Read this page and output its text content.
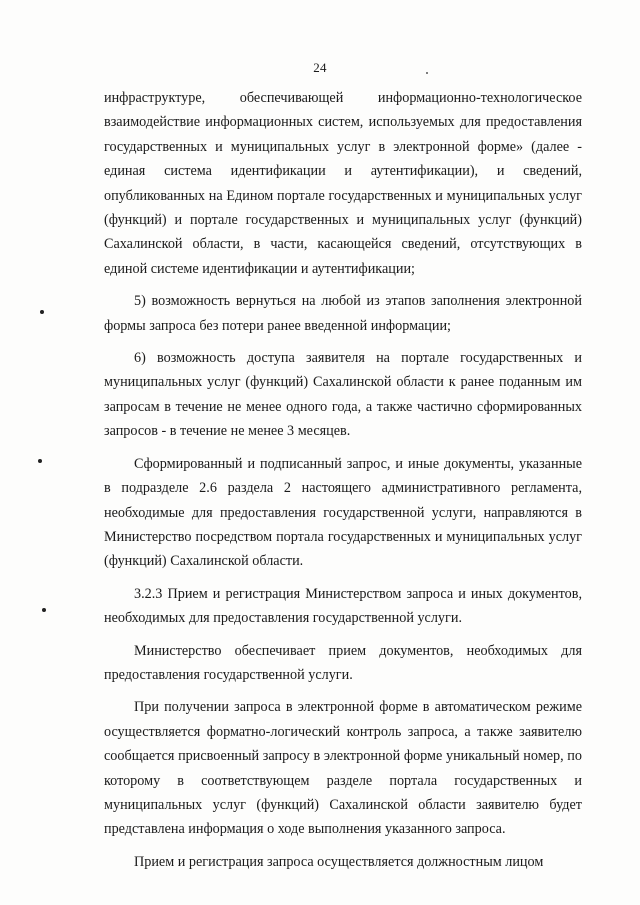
24

инфраструктуре, обеспечивающей информационно-технологическое взаимодействие информационных систем, используемых для предоставления государственных и муниципальных услуг в электронной форме» (далее - единая система идентификации и аутентификации), и сведений, опубликованных на Едином портале государственных и муниципальных услуг (функций) и портале государственных и муниципальных услуг (функций) Сахалинской области, в части, касающейся сведений, отсутствующих в единой системе идентификации и аутентификации;

5) возможность вернуться на любой из этапов заполнения электронной формы запроса без потери ранее введенной информации;

6) возможность доступа заявителя на портале государственных и муниципальных услуг (функций) Сахалинской области к ранее поданным им запросам в течение не менее одного года, а также частично сформированных запросов - в течение не менее 3 месяцев.

Сформированный и подписанный запрос, и иные документы, указанные в подразделе 2.6 раздела 2 настоящего административного регламента, необходимые для предоставления государственной услуги, направляются в Министерство посредством портала государственных и муниципальных услуг (функций) Сахалинской области.

3.2.3 Прием и регистрация Министерством запроса и иных документов, необходимых для предоставления государственной услуги.

Министерство обеспечивает прием документов, необходимых для предоставления государственной услуги.

При получении запроса в электронной форме в автоматическом режиме осуществляется форматно-логический контроль запроса, а также заявителю сообщается присвоенный запросу в электронной форме уникальный номер, по которому в соответствующем разделе портала государственных и муниципальных услуг (функций) Сахалинской области заявителю будет представлена информация о ходе выполнения указанного запроса.

Прием и регистрация запроса осуществляется должностным лицом
